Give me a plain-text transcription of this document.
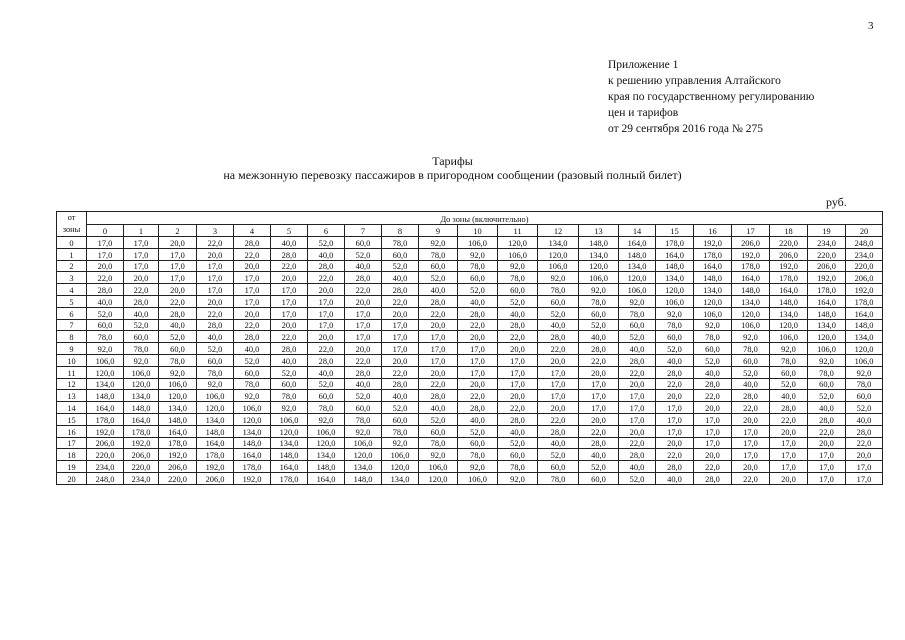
3
Приложение 1
к решению управления Алтайского
края по государственному регулированию
цен и тарифов
от 29 сентября 2016 года № 275
Тарифы
на межзонную перевозку пассажиров в пригородном сообщении (разовый полный билет)
руб.
от
зоны	До зоны (включительно)																				
	0	1	2	3	4	5	6	7	8	9	10	11	12	13	14	15	16	17	18	19	20
0	17,0	17,0	20,0	22,0	28,0	40,0	52,0	60,0	78,0	92,0	106,0	120,0	134,0	148,0	164,0	178,0	192,0	206,0	220,0	234,0	248,0
1	17,0	17,0	17,0	20,0	22,0	28,0	40,0	52,0	60,0	78,0	92,0	106,0	120,0	134,0	148,0	164,0	178,0	192,0	206,0	220,0	234,0
2	20,0	17,0	17,0	17,0	20,0	22,0	28,0	40,0	52,0	60,0	78,0	92,0	106,0	120,0	134,0	148,0	164,0	178,0	192,0	206,0	220,0
3	22,0	20,0	17,0	17,0	17,0	20,0	22,0	28,0	40,0	52,0	60,0	78,0	92,0	106,0	120,0	134,0	148,0	164,0	178,0	192,0	206,0
4	28,0	22,0	20,0	17,0	17,0	17,0	20,0	22,0	28,0	40,0	52,0	60,0	78,0	92,0	106,0	120,0	134,0	148,0	164,0	178,0	192,0
5	40,0	28,0	22,0	20,0	17,0	17,0	17,0	20,0	22,0	28,0	40,0	52,0	60,0	78,0	92,0	106,0	120,0	134,0	148,0	164,0	178,0
6	52,0	40,0	28,0	22,0	20,0	17,0	17,0	17,0	20,0	22,0	28,0	40,0	52,0	60,0	78,0	92,0	106,0	120,0	134,0	148,0	164,0
7	60,0	52,0	40,0	28,0	22,0	20,0	17,0	17,0	17,0	20,0	22,0	28,0	40,0	52,0	60,0	78,0	92,0	106,0	120,0	134,0	148,0
8	78,0	60,0	52,0	40,0	28,0	22,0	20,0	17,0	17,0	17,0	20,0	22,0	28,0	40,0	52,0	60,0	78,0	92,0	106,0	120,0	134,0
9	92,0	78,0	60,0	52,0	40,0	28,0	22,0	20,0	17,0	17,0	17,0	20,0	22,0	28,0	40,0	52,0	60,0	78,0	92,0	106,0	120,0
10	106,0	92,0	78,0	60,0	52,0	40,0	28,0	22,0	20,0	17,0	17,0	17,0	20,0	22,0	28,0	40,0	52,0	60,0	78,0	92,0	106,0
11	120,0	106,0	92,0	78,0	60,0	52,0	40,0	28,0	22,0	20,0	17,0	17,0	17,0	20,0	22,0	28,0	40,0	52,0	60,0	78,0	92,0
12	134,0	120,0	106,0	92,0	78,0	60,0	52,0	40,0	28,0	22,0	20,0	17,0	17,0	17,0	20,0	22,0	28,0	40,0	52,0	60,0	78,0
13	148,0	134,0	120,0	106,0	92,0	78,0	60,0	52,0	40,0	28,0	22,0	20,0	17,0	17,0	17,0	20,0	22,0	28,0	40,0	52,0	60,0
14	164,0	148,0	134,0	120,0	106,0	92,0	78,0	60,0	52,0	40,0	28,0	22,0	20,0	17,0	17,0	17,0	20,0	22,0	28,0	40,0	52,0
15	178,0	164,0	148,0	134,0	120,0	106,0	92,0	78,0	60,0	52,0	40,0	28,0	22,0	20,0	17,0	17,0	17,0	20,0	22,0	28,0	40,0
16	192,0	178,0	164,0	148,0	134,0	120,0	106,0	92,0	78,0	60,0	52,0	40,0	28,0	22,0	20,0	17,0	17,0	17,0	20,0	22,0	28,0
17	206,0	192,0	178,0	164,0	148,0	134,0	120,0	106,0	92,0	78,0	60,0	52,0	40,0	28,0	22,0	20,0	17,0	17,0	17,0	20,0	22,0
18	220,0	206,0	192,0	178,0	164,0	148,0	134,0	120,0	106,0	92,0	78,0	60,0	52,0	40,0	28,0	22,0	20,0	17,0	17,0	17,0	20,0
19	234,0	220,0	206,0	192,0	178,0	164,0	148,0	134,0	120,0	106,0	92,0	78,0	60,0	52,0	40,0	28,0	22,0	20,0	17,0	17,0	17,0
20	248,0	234,0	220,0	206,0	192,0	178,0	164,0	148,0	134,0	120,0	106,0	92,0	78,0	60,0	52,0	40,0	28,0	22,0	20,0	17,0	17,0
